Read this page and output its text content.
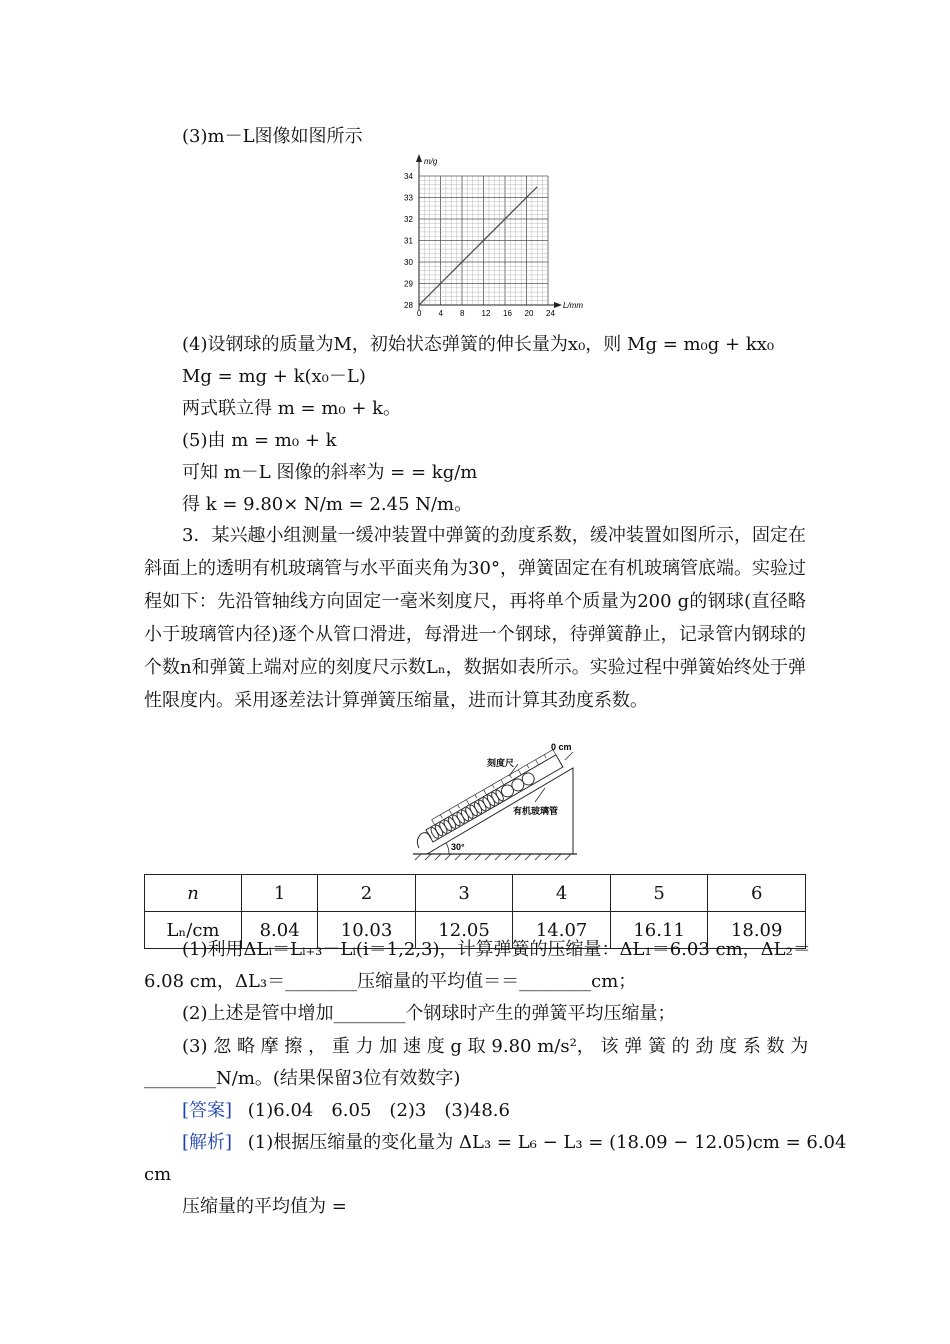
(3)m－L图像如图所示
m/g
L/mm
0 4 8 12 16 20 24
28
29
30
31
32
33
34
(4)设钢球的质量为M，初始状态弹簧的伸长量为x₀，则 Mg = m₀g + kx₀
Mg = mg + k(x₀－L)
两式联立得 m = m₀ + k。
(5)由 m = m₀ + k
可知 m－L 图像的斜率为 = = kg/m
得 k = 9.80× N/m = 2.45 N/m。
3．某兴趣小组测量一缓冲装置中弹簧的劲度系数，缓冲装置如图所示，固定在斜面上的透明有机玻璃管与水平面夹角为30°，弹簧固定在有机玻璃管底端。实验过程如下：先沿管轴线方向固定一毫米刻度尺，再将单个质量为200 g的钢球(直径略小于玻璃管内径)逐个从管口滑进，每滑进一个钢球，待弹簧静止，记录管内钢球的个数n和弹簧上端对应的刻度尺示数Lₙ，数据如表所示。实验过程中弹簧始终处于弹性限度内。采用逐差法计算弹簧压缩量，进而计算其劲度系数。
0 cm
刻度尺
有机玻璃管
30°
n	1	2	3	4	5	6
Lₙ/cm	8.04	10.03	12.05	14.07	16.11	18.09
(1)利用ΔLᵢ＝Lᵢ₊₃－Lᵢ(i＝1,2,3)，计算弹簧的压缩量：ΔL₁＝6.03 cm，ΔL₂＝
6.08 cm，ΔL₃＝________压缩量的平均值＝＝________cm；
(2)上述是管中增加________个钢球时产生的弹簧平均压缩量；
(3) 忽 略 摩 擦 ， 重 力 加 速 度 g 取 9.80 m/s²， 该 弹 簧 的 劲 度 系 数 为
________N/m。(结果保留3位有效数字)
[答案] (1)6.04　6.05　(2)3　(3)48.6
[解析] (1)根据压缩量的变化量为 ΔL₃ = L₆ − L₃ = (18.09 − 12.05)cm = 6.04
cm
压缩量的平均值为 =
